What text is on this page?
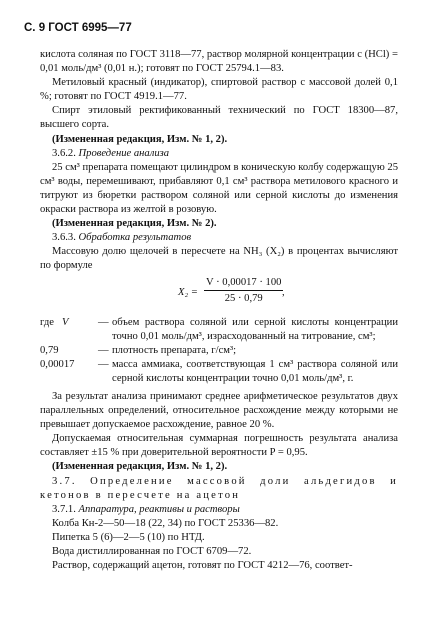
С. 9 ГОСТ 6995—77

кислота соляная по ГОСТ 3118—77, раствор молярной концентрации с (HCl) = 0,01 моль/дм³ (0,01 н.); готовят по ГОСТ 25794.1—83.

Метиловый красный (индикатор), спиртовой раствор с массовой долей 0,1 %; готовят по ГОСТ 4919.1—77.

Спирт этиловый ректификованный технический по ГОСТ 18300—87, высшего сорта.

(Измененная редакция, Изм. № 1, 2).

3.6.2. Проведение анализа

25 см³ препарата помещают цилиндром в коническую колбу содержащую 25 см³ воды, перемешивают, прибавляют 0,1 см³ раствора метилового красного и титруют из бюретки раствором соляной или серной кислоты до изменения окраски раствора из желтой в розовую.

(Измененная редакция, Изм. № 2).

3.6.3. Обработка результатов

Массовую долю щелочей в пересчете на NH₃ (X₂) в процентах вычисляют по формуле

$X_2 = \frac{V \cdot 0,00017 \cdot 100}{25 \cdot 0,79}$
,
где V	— объем раствора соляной или серной кислоты концентрации точно 0,01 моль/дм³, израсходованный на титрование, см³;
0,79	— плотность препарата, г/см³;
0,00017	— масса аммиака, соответствующая 1 см³ раствора соляной или серной кислоты концентрации точно 0,01 моль/дм³, г.

За результат анализа принимают среднее арифметическое результатов двух параллельных определений, относительное расхождение между которыми не превышает допускаемое расхождение, равное 20 %.

Допускаемая относительная суммарная погрешность результата анализа составляет ±15 % при доверительной вероятности P = 0,95.

(Измененная редакция, Изм. № 1, 2).

3.7. Определение массовой доли альдегидов и кетонов в пересчете на ацетон

3.7.1. Аппаратура, реактивы и растворы

Колба Кн-2—50—18 (22, 34) по ГОСТ 25336—82.

Пипетка 5 (6)—2—5 (10) по НТД.

Вода дистиллированная по ГОСТ 6709—72.

Раствор, содержащий ацетон, готовят по ГОСТ 4212—76, соответ-
